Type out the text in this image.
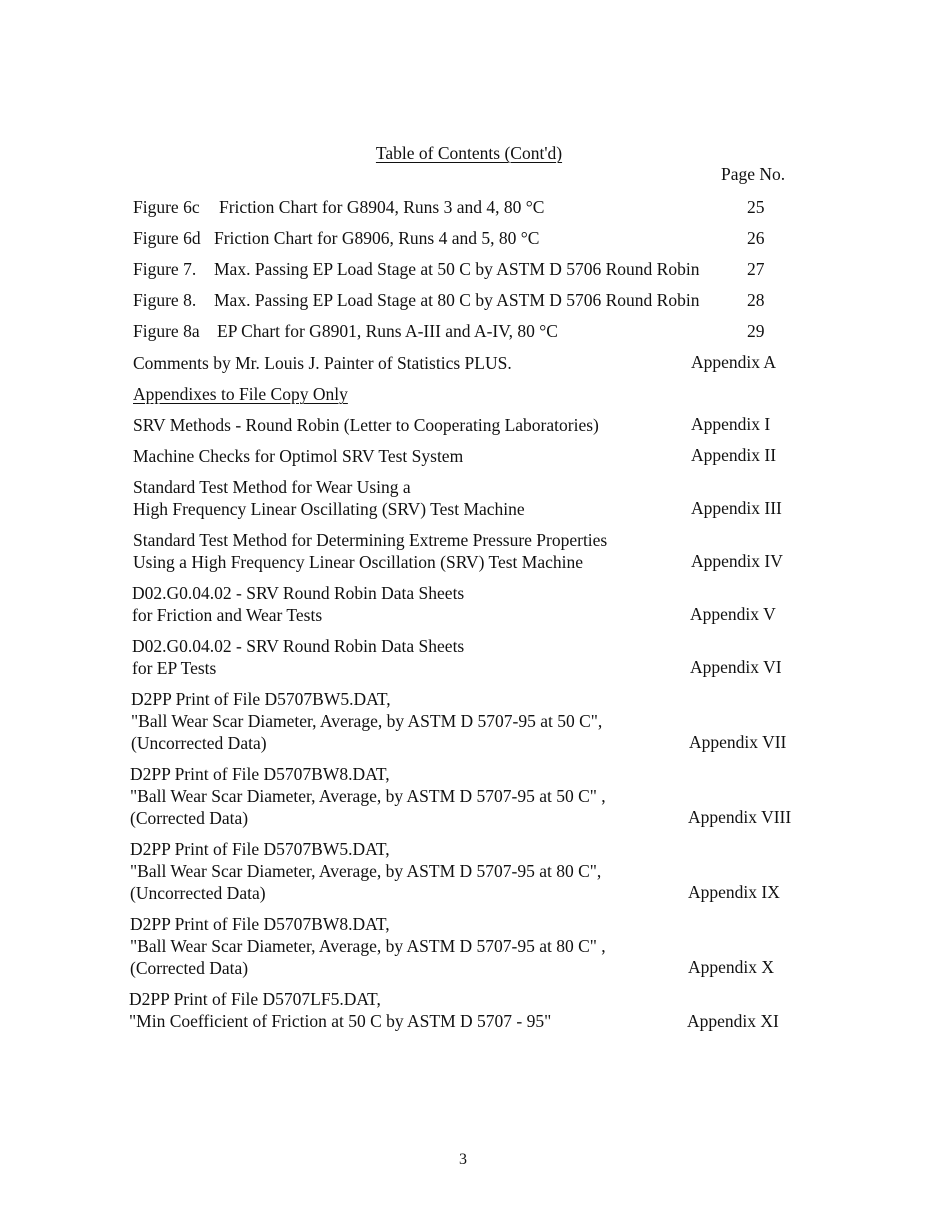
Table of Contents (Cont'd)
Page No.
Figure 6c Friction Chart for G8904, Runs 3 and 4, 80 °C	25
Figure 6d Friction Chart for G8906, Runs 4 and 5, 80 °C	26
Figure 7. Max. Passing EP Load Stage at 50 C by ASTM D 5706 Round Robin	27
Figure 8. Max. Passing EP Load Stage at 80 C by ASTM D 5706 Round Robin	28
Figure 8a EP Chart for G8901, Runs A-III and A-IV, 80 °C	29
Comments by Mr. Louis J. Painter of Statistics PLUS.	Appendix A
Appendixes to File Copy Only
SRV Methods - Round Robin (Letter to Cooperating Laboratories)	Appendix I
Machine Checks for Optimol SRV Test System	Appendix II
Standard Test Method for Wear Using a
High Frequency Linear Oscillating (SRV) Test Machine	Appendix III
Standard Test Method for Determining Extreme Pressure Properties
Using a High Frequency Linear Oscillation (SRV) Test Machine	Appendix IV
D02.G0.04.02 - SRV Round Robin Data Sheets
for Friction and Wear Tests	Appendix V
D02.G0.04.02 - SRV Round Robin Data Sheets
for EP Tests	Appendix VI
D2PP Print of File D5707BW5.DAT,
"Ball Wear Scar Diameter, Average, by ASTM D 5707-95 at 50 C",
(Uncorrected Data)	Appendix VII
D2PP Print of File D5707BW8.DAT,
"Ball Wear Scar Diameter, Average, by ASTM D 5707-95 at 50 C" ,
(Corrected Data)	Appendix VIII
D2PP Print of File D5707BW5.DAT,
"Ball Wear Scar Diameter, Average, by ASTM D 5707-95 at 80 C",
(Uncorrected Data)	Appendix IX
D2PP Print of File D5707BW8.DAT,
"Ball Wear Scar Diameter, Average, by ASTM D 5707-95 at 80 C" ,
(Corrected Data)	Appendix X
D2PP Print of File D5707LF5.DAT,
"Min Coefficient of Friction at 50 C by ASTM D 5707 - 95"	Appendix XI
3
